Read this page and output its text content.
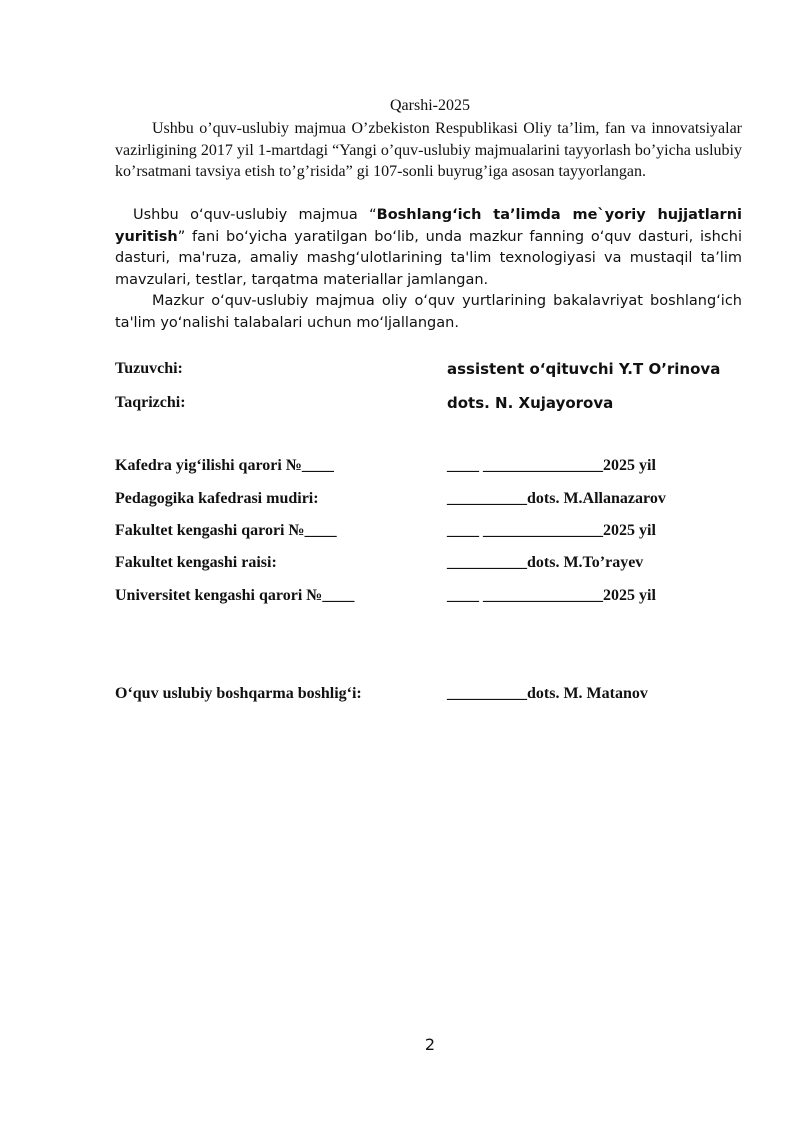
Qarshi-2025

Ushbu o’quv-uslubiy majmua O’zbekiston Respublikasi Oliy ta’lim, fan va innovatsiyalar vazirligining 2017 yil 1-martdagi “Yangi o’quv-uslubiy majmualarini tayyorlash bo’yicha uslubiy ko’rsatmani tavsiya etish to’g’risida” gi 107-sonli buyrug’iga asosan tayyorlangan.

Ushbu o‘quv-uslubiy majmua “Boshlang‘ich ta’limda me`yoriy hujjatlarni yuritish” fani bo‘yicha yaratilgan bo‘lib, unda mazkur fanning o‘quv dasturi, ishchi dasturi, ma'ruza, amaliy mashg‘ulotlarining ta'lim texnologiyasi va mustaqil ta’lim mavzulari, testlar, tarqatma materiallar jamlangan.

Mazkur o‘quv-uslubiy majmua oliy o‘quv yurtlarining bakalavriyat boshlang‘ich ta'lim yo‘nalishi talabalari uchun mo‘ljallangan.

Tuzuvchi:	assistent o‘qituvchi Y.T O’rinova
Taqrizchi:	dots. N. Xujayorova
Kafedra yig‘ilishi qarori №____	____ _______________2025 yil
Pedagogika kafedrasi mudiri:	__________dots. M.Allanazarov
Fakultet kengashi qarori №____	____ _______________2025 yil
Fakultet kengashi raisi:	__________dots. M.To’rayev
Universitet kengashi qarori №____	____ _______________2025 yil
O‘quv uslubiy boshqarma boshlig‘i:	__________dots. M. Matanov
2
